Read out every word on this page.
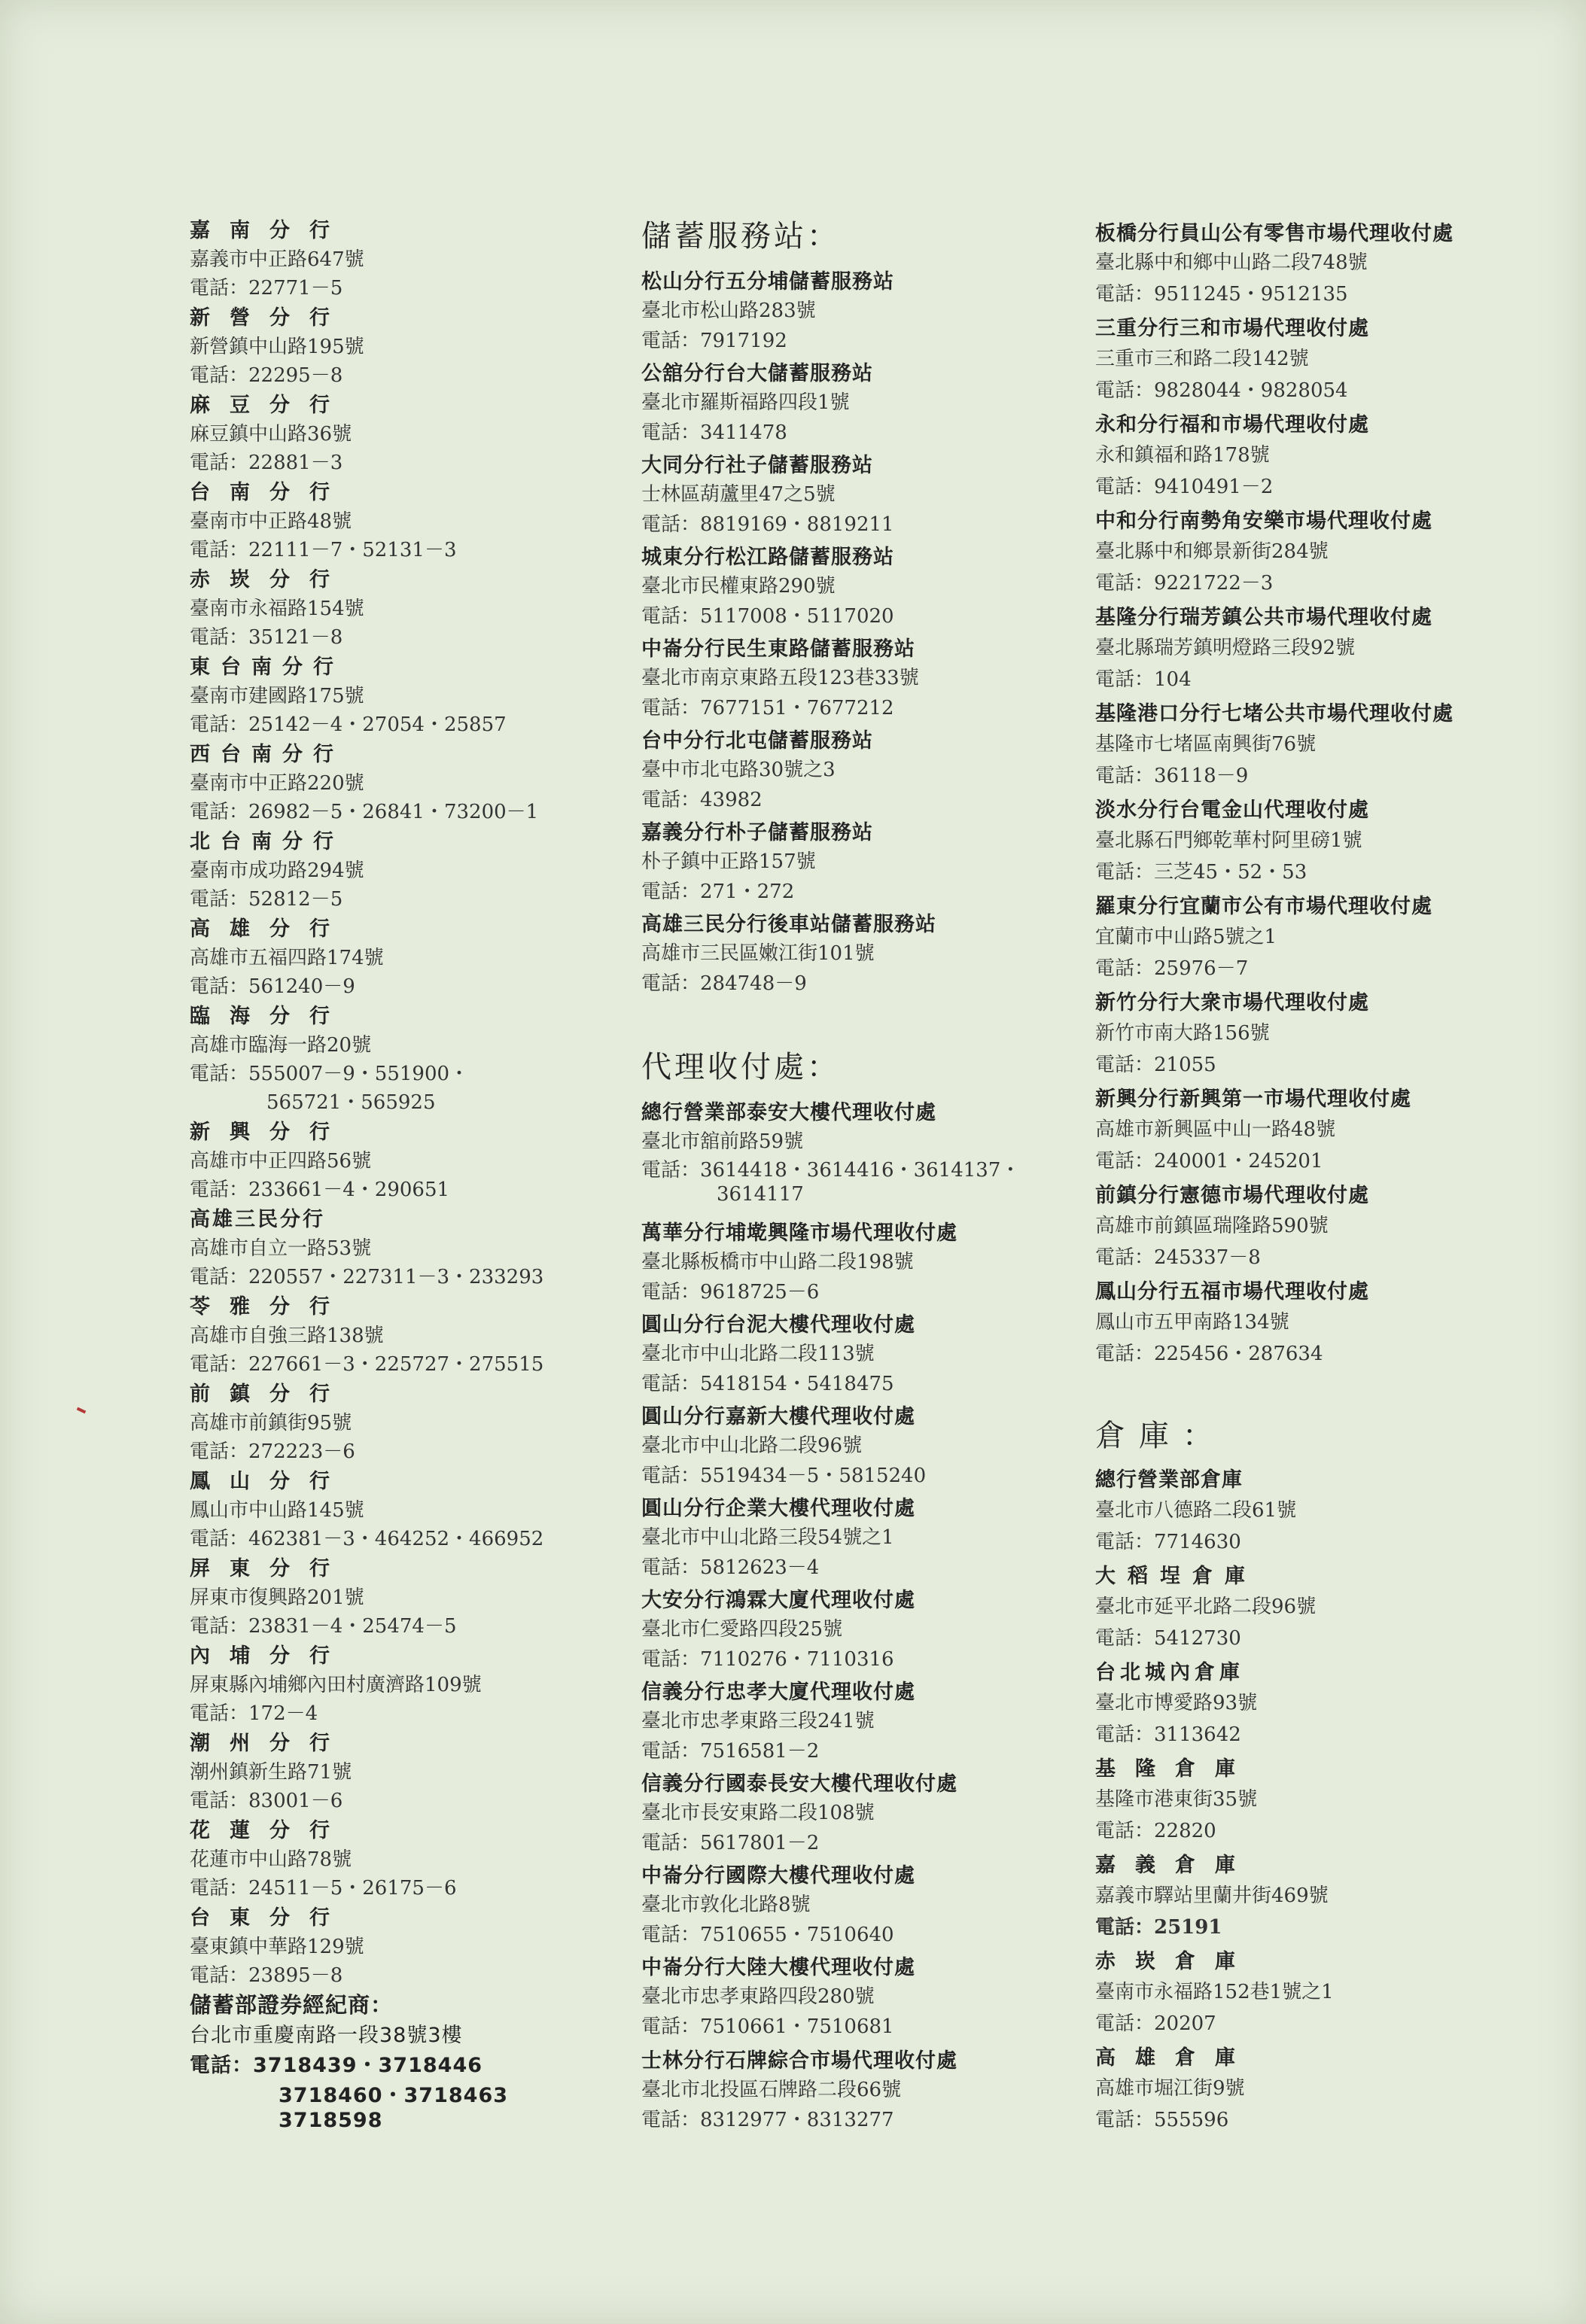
嘉南分行
嘉義市中正路647號
電話：22771－5
新營分行
新營鎮中山路195號
電話：22295－8
麻豆分行
麻豆鎮中山路36號
電話：22881－3
台南分行
臺南市中正路48號
電話：22111－7・52131－3
赤崁分行
臺南市永福路154號
電話：35121－8
東台南分行
臺南市建國路175號
電話：25142－4・27054・25857
西台南分行
臺南市中正路220號
電話：26982－5・26841・73200－1
北台南分行
臺南市成功路294號
電話：52812－5
高雄分行
高雄市五福四路174號
電話：561240－9
臨海分行
高雄市臨海一路20號
電話：555007－9・551900・
565721・565925
新興分行
高雄市中正四路56號
電話：233661－4・290651
高雄三民分行
高雄市自立一路53號
電話：220557・227311－3・233293
苓雅分行
高雄市自強三路138號
電話：227661－3・225727・275515
前鎮分行
高雄市前鎮街95號
電話：272223－6
鳳山分行
鳳山市中山路145號
電話：462381－3・464252・466952
屏東分行
屏東市復興路201號
電話：23831－4・25474－5
內埔分行
屏東縣內埔鄉內田村廣濟路109號
電話：172－4
潮州分行
潮州鎮新生路71號
電話：83001－6
花蓮分行
花蓮市中山路78號
電話：24511－5・26175－6
台東分行
臺東鎮中華路129號
電話：23895－8
儲蓄部證券經紀商：
台北市重慶南路一段38號3樓
電話：3718439・3718446
3718460・3718463
3718598
儲蓄服務站：
松山分行五分埔儲蓄服務站
臺北市松山路283號
電話：7917192
公舘分行台大儲蓄服務站
臺北市羅斯福路四段1號
電話：3411478
大同分行社子儲蓄服務站
士林區葫蘆里47之5號
電話：8819169・8819211
城東分行松江路儲蓄服務站
臺北市民權東路290號
電話：5117008・5117020
中崙分行民生東路儲蓄服務站
臺北市南京東路五段123巷33號
電話：7677151・7677212
台中分行北屯儲蓄服務站
臺中市北屯路30號之3
電話：43982
嘉義分行朴子儲蓄服務站
朴子鎮中正路157號
電話：271・272
高雄三民分行後車站儲蓄服務站
高雄市三民區嫩江街101號
電話：284748－9
代理收付處：
總行營業部泰安大樓代理收付處
臺北市舘前路59號
電話：3614418・3614416・3614137・
3614117
萬華分行埔墘興隆市場代理收付處
臺北縣板橋市中山路二段198號
電話：9618725－6
圓山分行台泥大樓代理收付處
臺北市中山北路二段113號
電話：5418154・5418475
圓山分行嘉新大樓代理收付處
臺北市中山北路二段96號
電話：5519434－5・5815240
圓山分行企業大樓代理收付處
臺北市中山北路三段54號之1
電話：5812623－4
大安分行鴻霖大廈代理收付處
臺北市仁愛路四段25號
電話：7110276・7110316
信義分行忠孝大廈代理收付處
臺北市忠孝東路三段241號
電話：7516581－2
信義分行國泰長安大樓代理收付處
臺北市長安東路二段108號
電話：5617801－2
中崙分行國際大樓代理收付處
臺北市敦化北路8號
電話：7510655・7510640
中崙分行大陸大樓代理收付處
臺北市忠孝東路四段280號
電話：7510661・7510681
士林分行石牌綜合市場代理收付處
臺北市北投區石牌路二段66號
電話：8312977・8313277
板橋分行員山公有零售市場代理收付處
臺北縣中和鄉中山路二段748號
電話：9511245・9512135
三重分行三和市場代理收付處
三重市三和路二段142號
電話：9828044・9828054
永和分行福和市場代理收付處
永和鎮福和路178號
電話：9410491－2
中和分行南勢角安樂市場代理收付處
臺北縣中和鄉景新街284號
電話：9221722－3
基隆分行瑞芳鎮公共市場代理收付處
臺北縣瑞芳鎮明燈路三段92號
電話：104
基隆港口分行七堵公共市場代理收付處
基隆市七堵區南興街76號
電話：36118－9
淡水分行台電金山代理收付處
臺北縣石門鄉乾華村阿里磅1號
電話：三芝45・52・53
羅東分行宜蘭市公有市場代理收付處
宜蘭市中山路5號之1
電話：25976－7
新竹分行大衆市場代理收付處
新竹市南大路156號
電話：21055
新興分行新興第一市場代理收付處
高雄市新興區中山一路48號
電話：240001・245201
前鎮分行憲德市場代理收付處
高雄市前鎮區瑞隆路590號
電話：245337－8
鳳山分行五福市場代理收付處
鳳山市五甲南路134號
電話：225456・287634
倉庫：
總行營業部倉庫
臺北市八德路二段61號
電話：7714630
大稻埕倉庫
臺北市延平北路二段96號
電話：5412730
台北城內倉庫
臺北市博愛路93號
電話：3113642
基隆倉庫
基隆市港東街35號
電話：22820
嘉義倉庫
嘉義市驛站里蘭井街469號
電話：25191
赤崁倉庫
臺南市永福路152巷1號之1
電話：20207
高雄倉庫
高雄市堀江街9號
電話：555596
